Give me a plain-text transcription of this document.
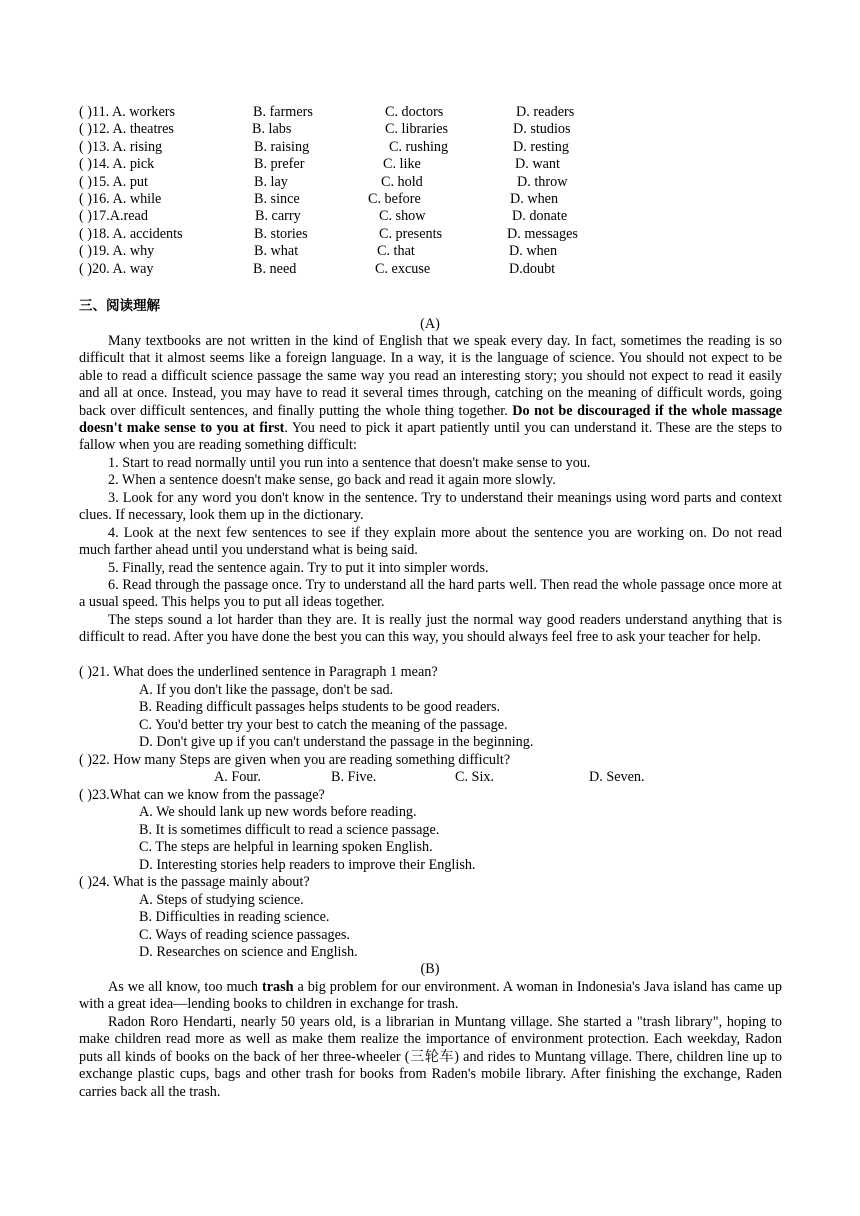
( )11. A. workers	B. farmers	C. doctors	D. readers
( )12. A. theatres	B. labs	C. libraries	D. studios
( )13. A. rising	B. raising	C. rushing	D. resting
( )14. A. pick	B. prefer	C. like	D. want
( )15. A. put	B. lay	C. hold	D. throw
( )16. A. while	B. since	C. before	D. when
( )17.A.read	B. carry	C. show	D. donate
( )18. A. accidents	B. stories	C. presents	D. messages
( )19. A. why	B. what	C. that	D. when
( )20. A. way	B. need	C. excuse	D.doubt
三、阅读理解
(A)

Many textbooks are not written in the kind of English that we speak every day. In fact, sometimes the reading is so difficult that it almost seems like a foreign language. In a way, it is the language of science. You should not expect to be able to read a difficult science passage the same way you read an interesting story; you should not expect to read it easily and all at once. Instead, you may have to read it several times through, catching on the meaning of difficult words, going back over difficult sentences, and finally putting the whole thing together. Do not be discouraged if the whole massage doesn't make sense to you at first. You need to pick it apart patiently until you can understand it. These are the steps to fallow when you are reading something difficult:

1. Start to read normally until you run into a sentence that doesn't make sense to you.

2. When a sentence doesn't make sense, go back and read it again more slowly.

3. Look for any word you don't know in the sentence. Try to understand their meanings using word parts and context clues. If necessary, look them up in the dictionary.

4. Look at the next few sentences to see if they explain more about the sentence you are working on. Do not read much farther ahead until you understand what is being said.

5. Finally, read the sentence again. Try to put it into simpler words.

6. Read through the passage once. Try to understand all the hard parts well. Then read the whole passage once more at a usual speed. This helps you to put all ideas together.

The steps sound a lot harder than they are. It is really just the normal way good readers understand anything that is difficult to read. After you have done the best you can this way, you should always feel free to ask your teacher for help.

( )21. What does the underlined sentence in Paragraph 1 mean?
A. If you don't like the passage, don't be sad.
B. Reading difficult passages helps students to be good readers.
C. You'd better try your best to catch the meaning of the passage.
D. Don't give up if you can't understand the passage in the beginning.
( )22. How many Steps are given when you are reading something difficult?
A. Four.	B. Five.	C. Six.	D. Seven.
( )23.What can we know from the passage?
A. We should lank up new words before reading.
B. It is sometimes difficult to read a science passage.
C. The steps are helpful in learning spoken English.
D. Interesting stories help readers to improve their English.
( )24. What is the passage mainly about?
A. Steps of studying science.
B. Difficulties in reading science.
C. Ways of reading science passages.
D. Researches on science and English.
(B)

As we all know, too much trash a big problem for our environment. A woman in Indonesia's Java island has came up with a great idea—lending books to children in exchange for trash.

Radon Roro Hendarti, nearly 50 years old, is a librarian in Muntang village. She started a "trash library", hoping to make children read more as well as make them realize the importance of environment protection. Each weekday, Radon puts all kinds of books on the back of her three-wheeler (三轮车) and rides to Muntang village. There, children line up to exchange plastic cups, bags and other trash for books from Raden's mobile library. After finishing the exchange, Raden carries back all the trash.
